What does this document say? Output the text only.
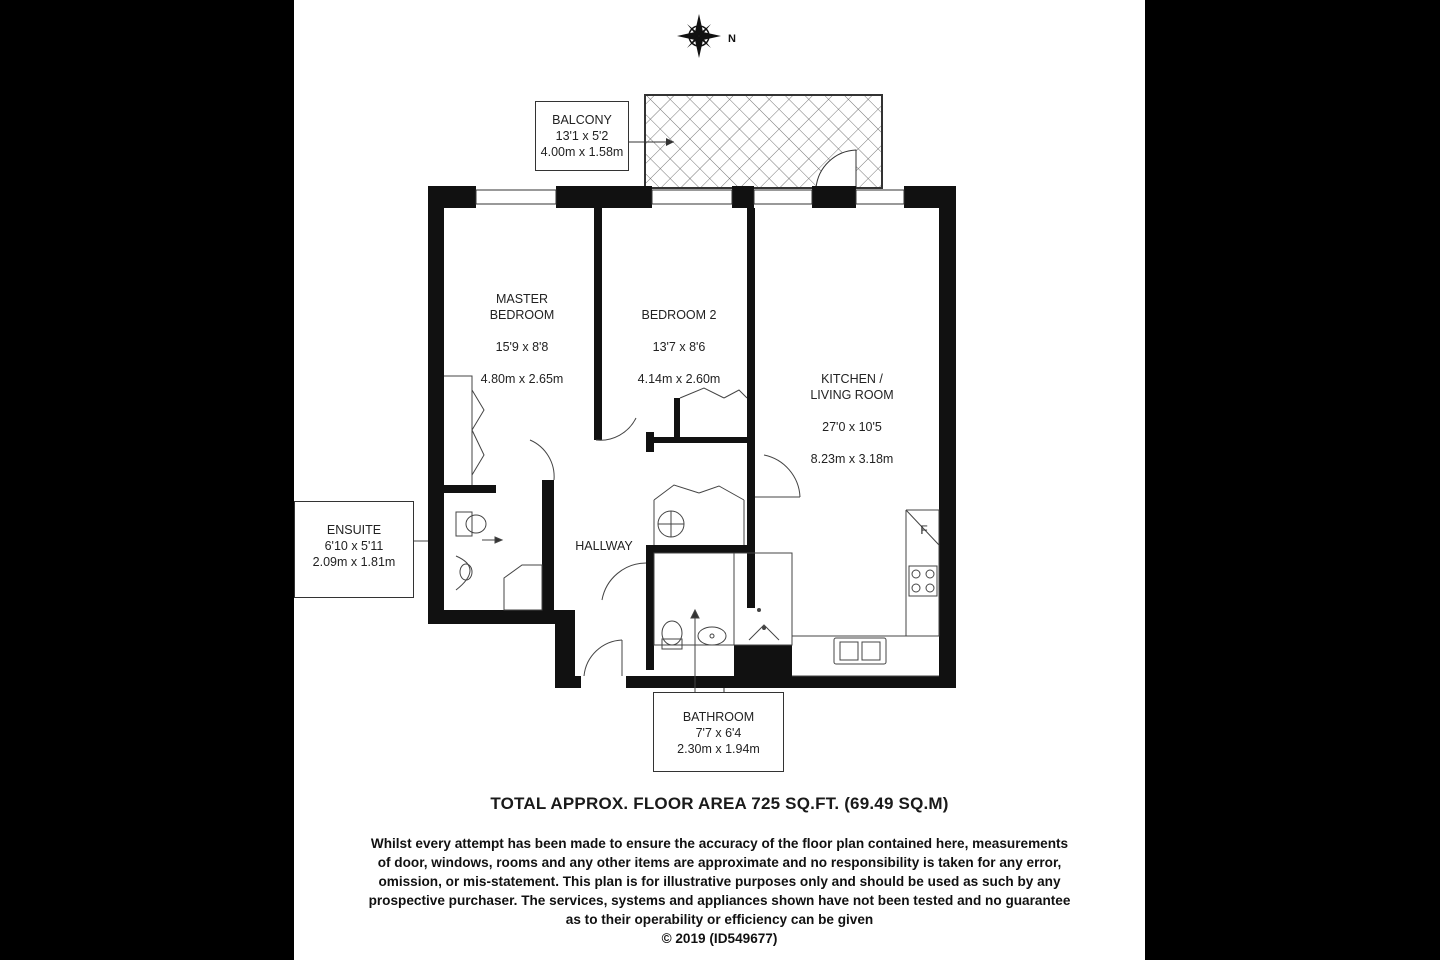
N

MASTER
BEDROOM

15'9 x 8'8

4.80m x 2.65m

BEDROOM 2

13'7 x 8'6

4.14m x 2.60m	KITCHEN /
LIVING ROOM

27'0 x 10'5

8.23m x 3.18m

HALLWAY
F
BALCONY
13'1 x 5'2
4.00m x 1.58m
ENSUITE
6'10 x 5'11
2.09m x 1.81m
BATHROOM
7'7 x 6'4
2.30m x 1.94m
TOTAL APPROX. FLOOR AREA 725 SQ.FT. (69.49 SQ.M)
Whilst every attempt has been made to ensure the accuracy of the floor plan contained here, measurements
of door, windows, rooms and any other items are approximate and no responsibility is taken for any error,
omission, or mis-statement. This plan is for illustrative purposes only and should be used as such by any
prospective purchaser. The services, systems and appliances shown have not been tested and no guarantee
as to their operability or efficiency can be given
© 2019 (ID549677)
